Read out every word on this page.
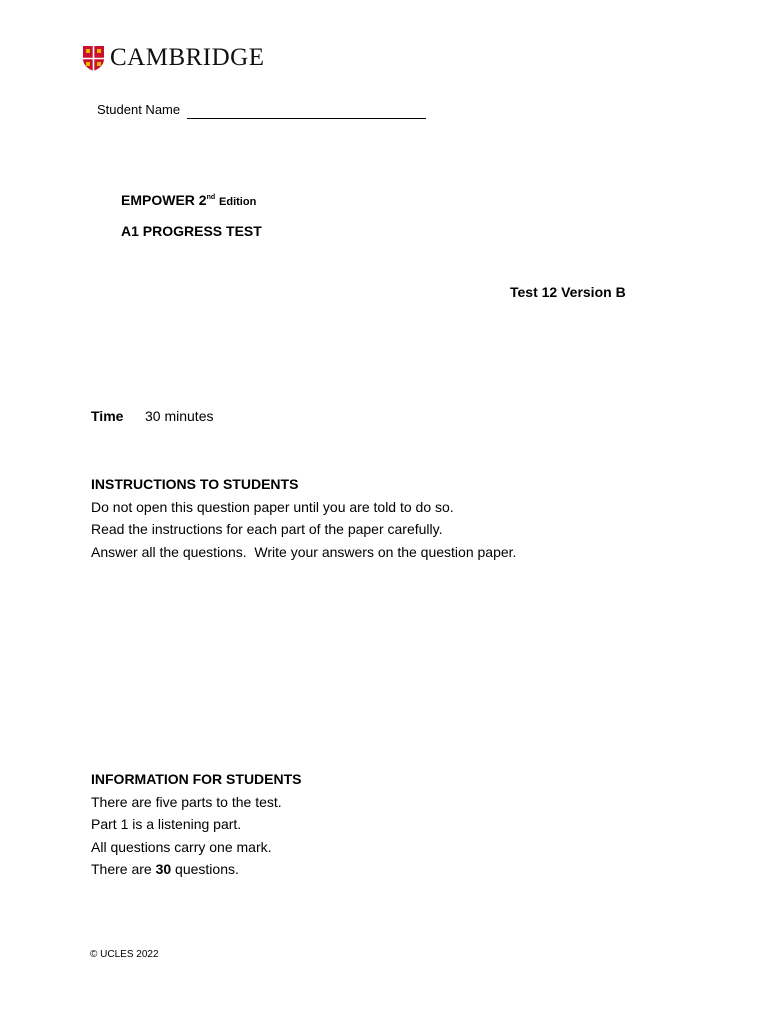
CAMBRIDGE
Student Name
EMPOWER 2nd Edition
A1 PROGRESS TEST
Test 12 Version B
Time 30 minutes

INSTRUCTIONS TO STUDENTS

Do not open this question paper until you are told to do so.

Read the instructions for each part of the paper carefully.

Answer all the questions.  Write your answers on the question paper.

INFORMATION FOR STUDENTS

There are five parts to the test.

Part 1 is a listening part.

All questions carry one mark.

There are 30 questions.

© UCLES 2022
